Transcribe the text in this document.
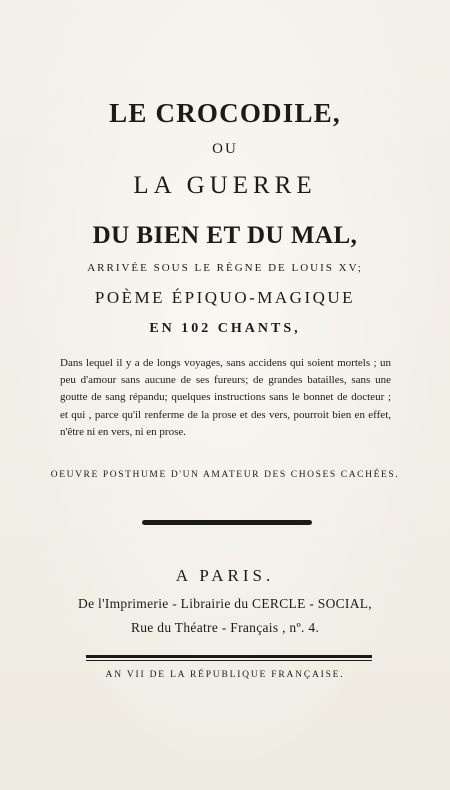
LE CROCODILE,
OU
LA GUERRE
DU BIEN ET DU MAL,
ARRIVÉE SOUS LE RÈGNE DE LOUIS XV;
POÈME ÉPIQUO-MAGIQUE
EN 102 CHANTS,
Dans lequel il y a de longs voyages, sans accidens qui soient mortels ; un peu d'amour sans aucune de ses fureurs; de grandes batailles, sans une goutte de sang répandu; quelques instructions sans le bonnet de docteur ; et qui , parce qu'il renferme de la prose et des vers, pourroit bien en effet, n'être ni en vers, ni en prose.
OEUVRE POSTHUME D'UN AMATEUR DES CHOSES CACHÉES.
A PARIS.
De l'Imprimerie - Librairie du CERCLE - SOCIAL,
Rue du Théatre - Français , nº. 4.
AN VII DE LA RÉPUBLIQUE FRANÇAISE.
